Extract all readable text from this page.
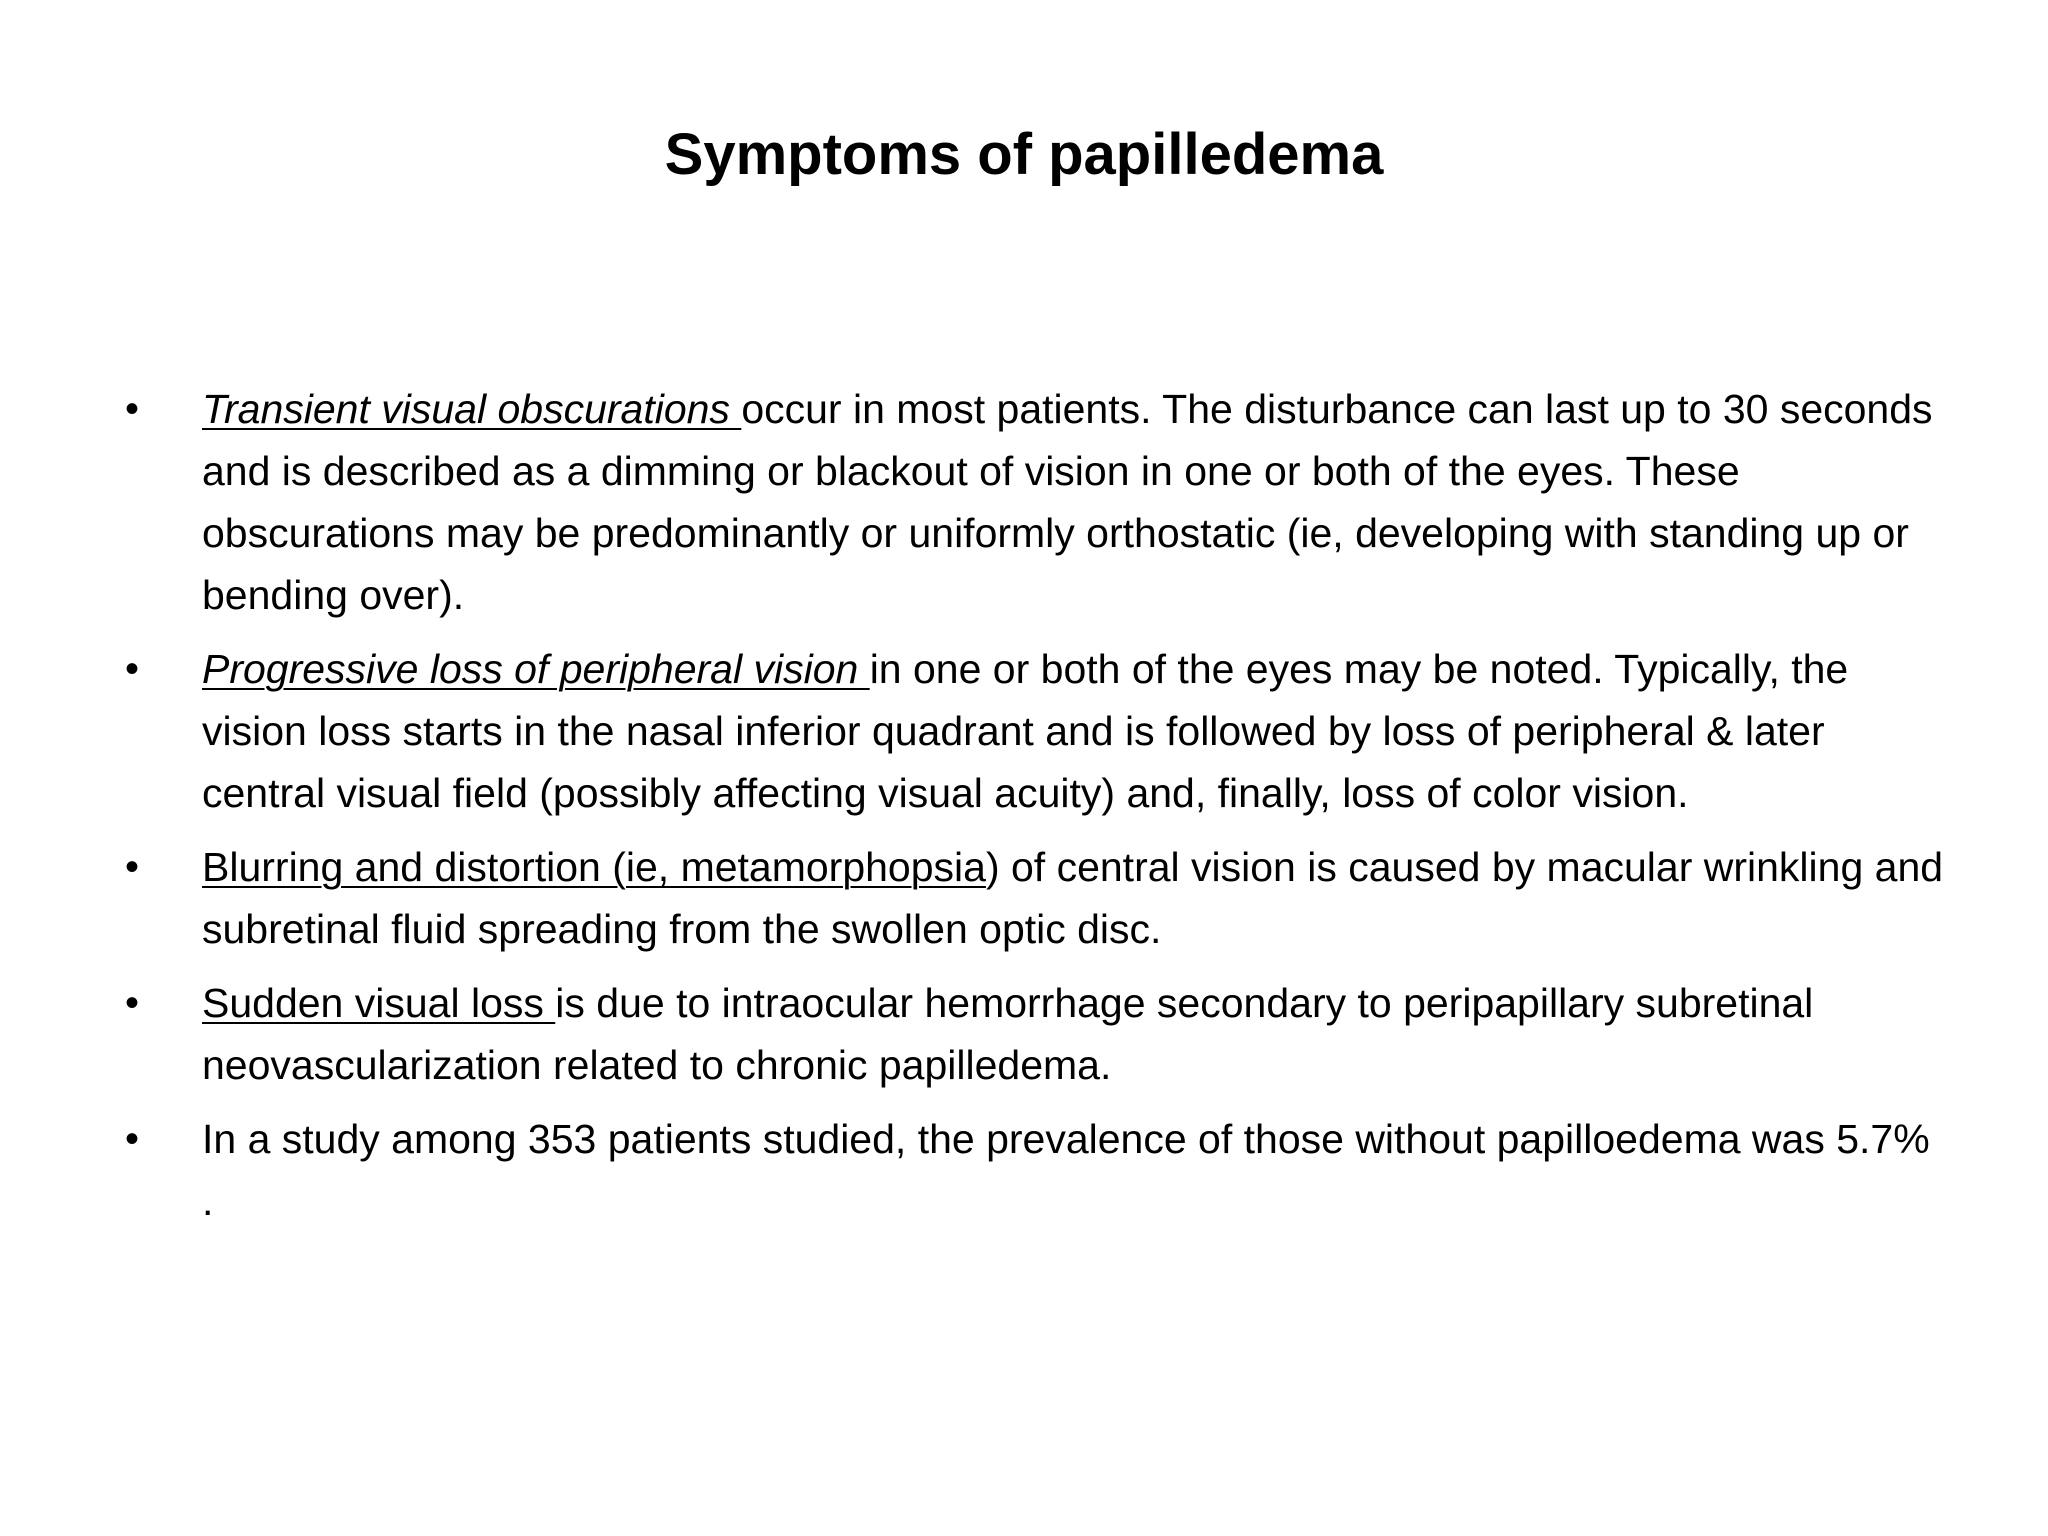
Symptoms of papilledema
• Transient visual obscurations occur in most patients. The disturbance can last up to 30 seconds and is described as a dimming or blackout of vision in one or both of the eyes. These obscurations may be predominantly or uniformly orthostatic (ie, developing with standing up or bending over).
• Progressive loss of peripheral vision in one or both of the eyes may be noted. Typically, the vision loss starts in the nasal inferior quadrant and is followed by loss of peripheral & later central visual field (possibly affecting visual acuity) and, finally, loss of color vision.
• Blurring and distortion (ie, metamorphopsia) of central vision is caused by macular wrinkling and subretinal fluid spreading from the swollen optic disc.
• Sudden visual loss is due to intraocular hemorrhage secondary to peripapillary subretinal neovascularization related to chronic papilledema.
• In a study among 353 patients studied, the prevalence of those without papilloedema was 5.7% .
